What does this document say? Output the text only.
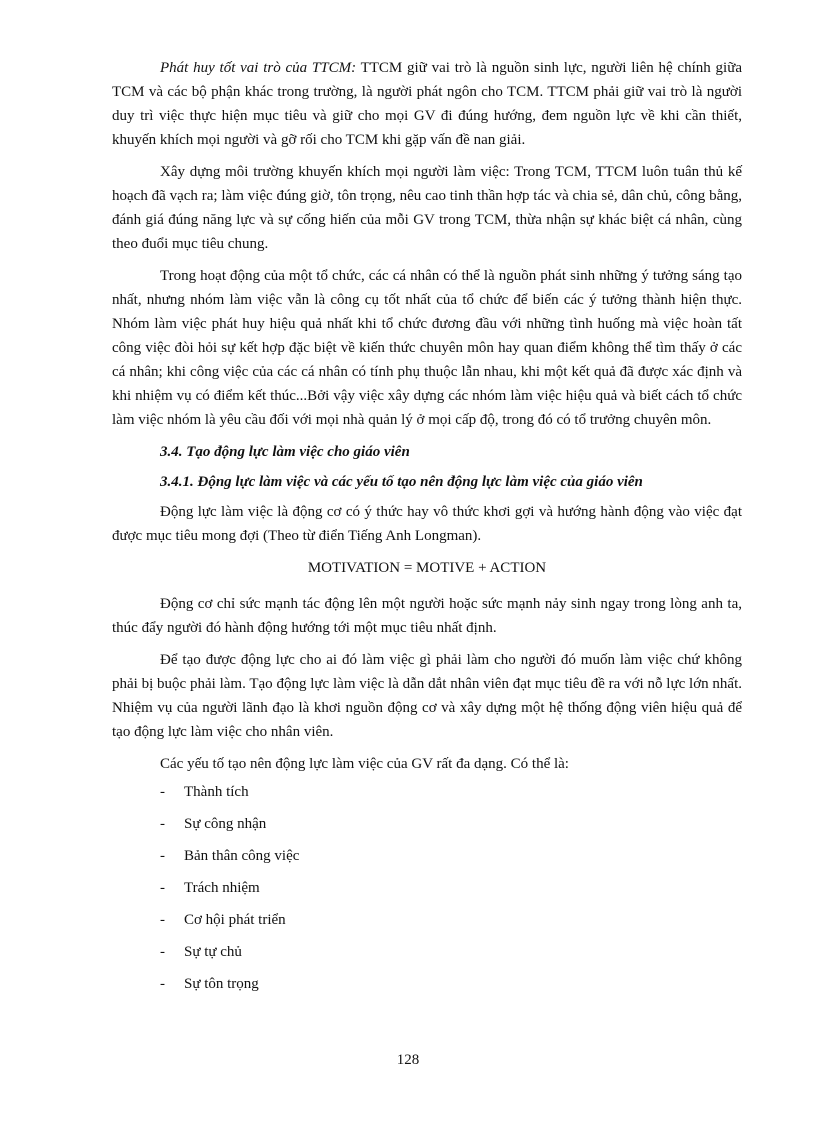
Phát huy tốt vai trò của TTCM: TTCM giữ vai trò là nguồn sinh lực, người liên hệ chính giữa TCM và các bộ phận khác trong trường, là người phát ngôn cho TCM. TTCM phải giữ vai trò là người duy trì việc thực hiện mục tiêu và giữ cho mọi GV đi đúng hướng, đem nguồn lực về khi cần thiết, khuyến khích mọi người và gỡ rối cho TCM khi gặp vấn đề nan giải.

Xây dựng môi trường khuyến khích mọi người làm việc: Trong TCM, TTCM luôn tuân thủ kế hoạch đã vạch ra; làm việc đúng giờ, tôn trọng, nêu cao tinh thần hợp tác và chia sẻ, dân chủ, công bằng, đánh giá đúng năng lực và sự cống hiến của mỗi GV trong TCM, thừa nhận sự khác biệt cá nhân, cùng theo đuổi mục tiêu chung.

Trong hoạt động của một tổ chức, các cá nhân có thể là nguồn phát sinh những ý tưởng sáng tạo nhất, nhưng nhóm làm việc vẫn là công cụ tốt nhất của tổ chức để biến các ý tưởng thành hiện thực. Nhóm làm việc phát huy hiệu quả nhất khi tổ chức đương đầu với những tình huống mà việc hoàn tất công việc đòi hỏi sự kết hợp đặc biệt về kiến thức chuyên môn hay quan điểm không thể tìm thấy ở các cá nhân; khi công việc của các cá nhân có tính phụ thuộc lẫn nhau, khi một kết quả đã được xác định và khi nhiệm vụ có điểm kết thúc...Bởi vậy việc xây dựng các nhóm làm việc hiệu quả và biết cách tổ chức làm việc nhóm là yêu cầu đối với mọi nhà quản lý ở mọi cấp độ, trong đó có tổ trưởng chuyên môn.

3.4. Tạo động lực làm việc cho giáo viên
3.4.1. Động lực làm việc và các yếu tố tạo nên động lực làm việc của giáo viên

Động lực làm việc là động cơ có ý thức hay vô thức khơi gợi và hướng hành động vào việc đạt được mục tiêu mong đợi (Theo từ điển Tiếng Anh Longman).

MOTIVATION = MOTIVE + ACTION

Động cơ chỉ sức mạnh tác động lên một người hoặc sức mạnh nảy sinh ngay trong lòng anh ta, thúc đẩy người đó hành động hướng tới một mục tiêu nhất định.

Để tạo được động lực cho ai đó làm việc gì phải làm cho người đó muốn làm việc chứ không phải bị buộc phải làm. Tạo động lực làm việc là dẫn dắt nhân viên đạt mục tiêu đề ra với nỗ lực lớn nhất. Nhiệm vụ của người lãnh đạo là khơi nguồn động cơ và xây dựng một hệ thống động viên hiệu quả để tạo động lực làm việc cho nhân viên.

Các yếu tố tạo nên động lực làm việc của GV rất đa dạng. Có thể là:

- Thành tích
- Sự công nhận
- Bản thân công việc
- Trách nhiệm
- Cơ hội phát triển
- Sự tự chủ
- Sự tôn trọng
128
